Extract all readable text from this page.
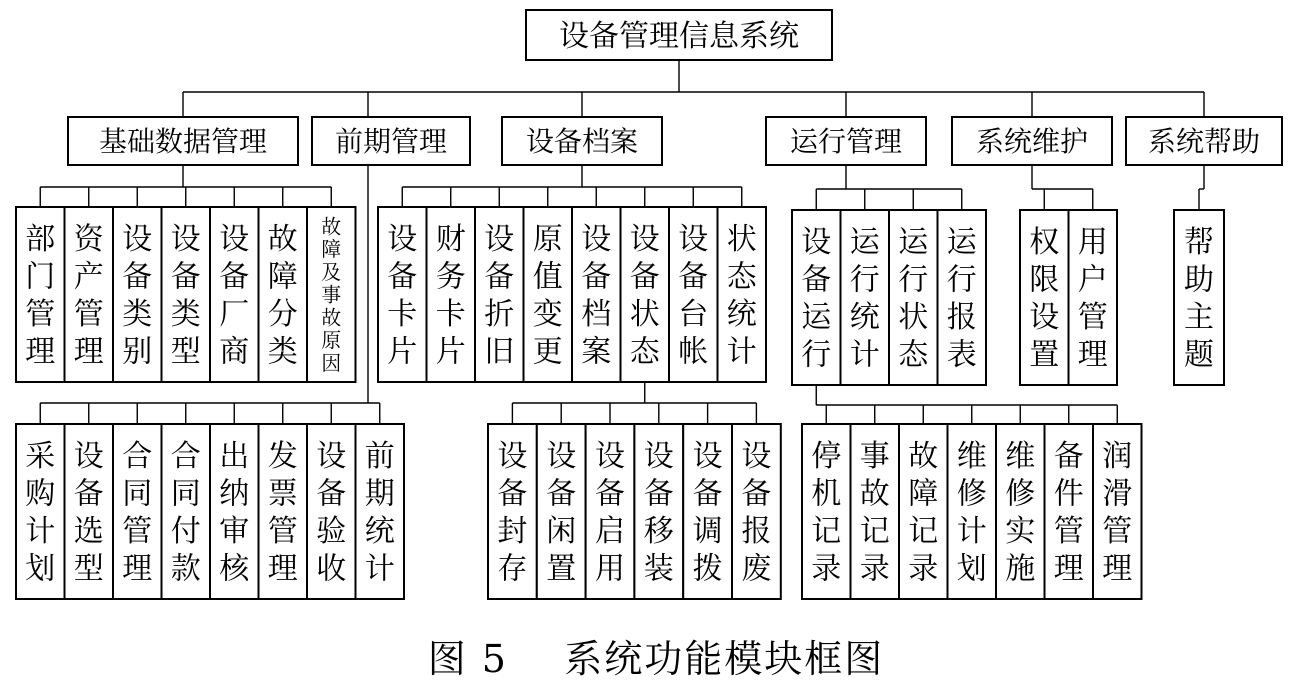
设备管理信息系统
基础数据管理 前期管理	设备档案	运行管理	系统维护 系统帮助
部门管理
资产管理
设备类别
设备类型
设备厂商
故障分类
故障及事故原因
采购计划
设备选型
合同管理
合同付款
出纳审核
发票管理
设备验收
前期统计
设备卡片
财务卡片
设备折旧
原值变更
设备档案
设备状态
设备台帐
状态统计
设备封存
设备闲置
设备启用
设备移装
设备调拨
设备报废
设备运行
运行统计
运行状态
运行报表
停机记录
事故记录
故障记录
维修计划
维修实施
备件管理
润滑管理
权限设置
用户管理
帮助主题
图 5    系统功能模块框图
